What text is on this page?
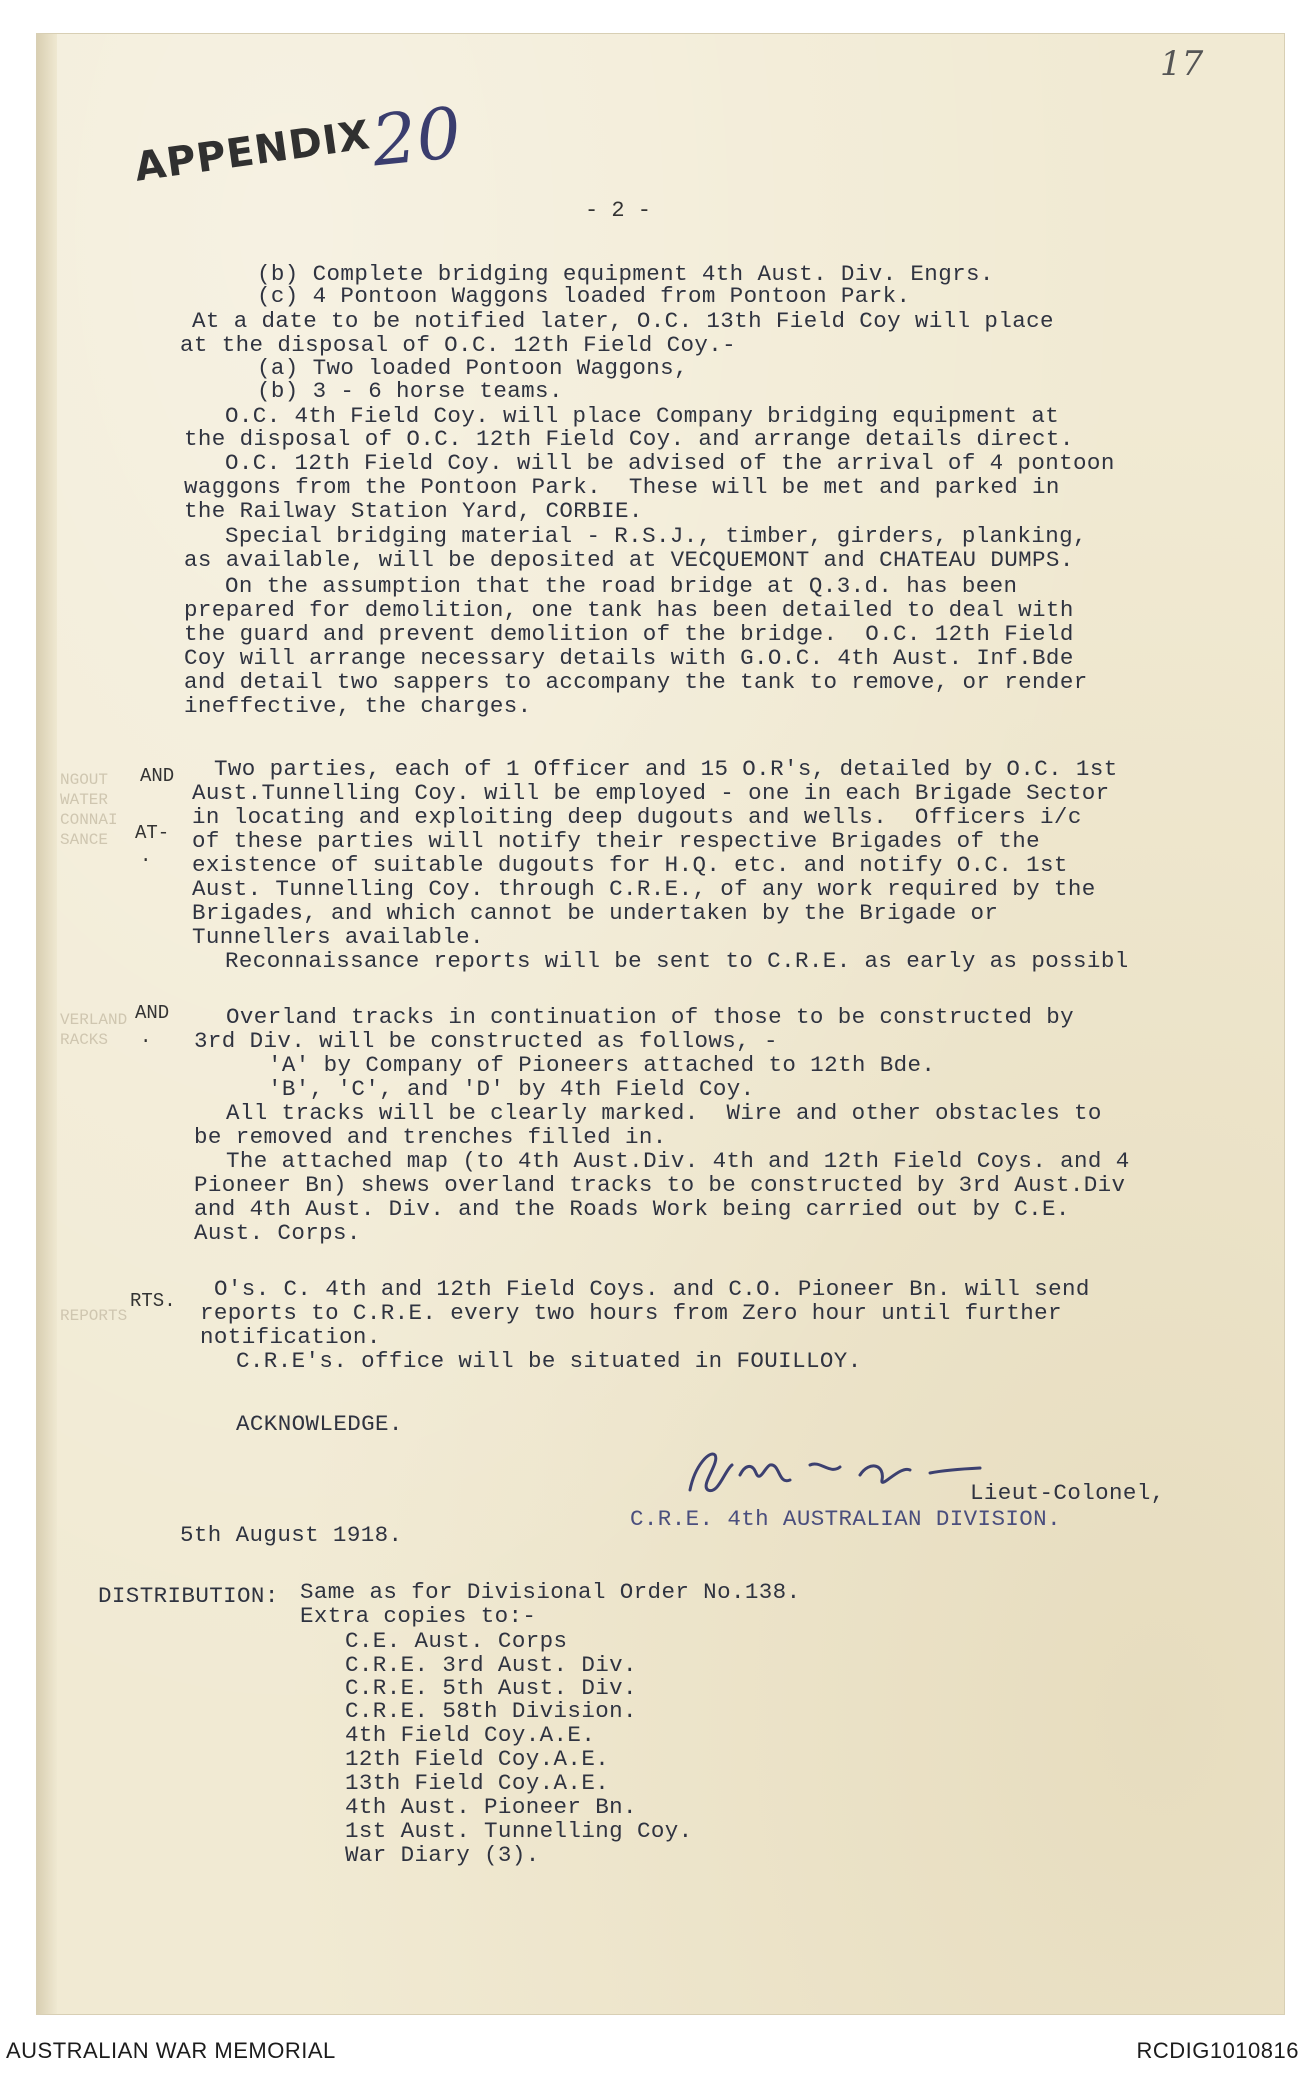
NGOUT
WATER
CONNAI
SANCE
VERLAND
RACKS
REPORTS
APPENDIX
20
17
- 2 -
(b) Complete bridging equipment 4th Aust. Div. Engrs.
(c) 4 Pontoon Waggons loaded from Pontoon Park.
At a date to be notified later, O.C. 13th Field Coy will place
at the disposal of O.C. 12th Field Coy.-
(a) Two loaded Pontoon Waggons,
(b) 3 - 6 horse teams.
O.C. 4th Field Coy. will place Company bridging equipment at
the disposal of O.C. 12th Field Coy. and arrange details direct.
O.C. 12th Field Coy. will be advised of the arrival of 4 pontoon
waggons from the Pontoon Park.  These will be met and parked in
the Railway Station Yard, CORBIE.
Special bridging material - R.S.J., timber, girders, planking,
as available, will be deposited at VECQUEMONT and CHATEAU DUMPS.
On the assumption that the road bridge at Q.3.d. has been
prepared for demolition, one tank has been detailed to deal with
the guard and prevent demolition of the bridge.  O.C. 12th Field
Coy will arrange necessary details with G.O.C. 4th Aust. Inf.Bde
and detail two sappers to accompany the tank to remove, or render
ineffective, the charges.
AND
AT-
.
Two parties, each of 1 Officer and 15 O.R's, detailed by O.C. 1st
Aust.Tunnelling Coy. will be employed - one in each Brigade Sector
in locating and exploiting deep dugouts and wells.  Officers i/c
of these parties will notify their respective Brigades of the
existence of suitable dugouts for H.Q. etc. and notify O.C. 1st
Aust. Tunnelling Coy. through C.R.E., of any work required by the
Brigades, and which cannot be undertaken by the Brigade or
Tunnellers available.
Reconnaissance reports will be sent to C.R.E. as early as possibl
AND
.
Overland tracks in continuation of those to be constructed by
3rd Div. will be constructed as follows, -
'A' by Company of Pioneers attached to 12th Bde.
'B', 'C', and 'D' by 4th Field Coy.
All tracks will be clearly marked.  Wire and other obstacles to
be removed and trenches filled in.
The attached map (to 4th Aust.Div. 4th and 12th Field Coys. and 4
Pioneer Bn) shews overland tracks to be constructed by 3rd Aust.Div
and 4th Aust. Div. and the Roads Work being carried out by C.E.
Aust. Corps.
RTS. O's. C. 4th and 12th Field Coys. and C.O. Pioneer Bn. will send
reports to C.R.E. every two hours from Zero hour until further
notification.
C.R.E's. office will be situated in FOUILLOY.
ACKNOWLEDGE.
Lieut-Colonel,
C.R.E. 4th AUSTRALIAN DIVISION.
5th August 1918.
DISTRIBUTION: Same as for Divisional Order No.138.
Extra copies to:-
C.E. Aust. Corps
C.R.E. 3rd Aust. Div.
C.R.E. 5th Aust. Div.
C.R.E. 58th Division.
4th Field Coy.A.E.
12th Field Coy.A.E.
13th Field Coy.A.E.
4th Aust. Pioneer Bn.
1st Aust. Tunnelling Coy.
War Diary (3).
AUSTRALIAN WAR MEMORIAL	RCDIG1010816
